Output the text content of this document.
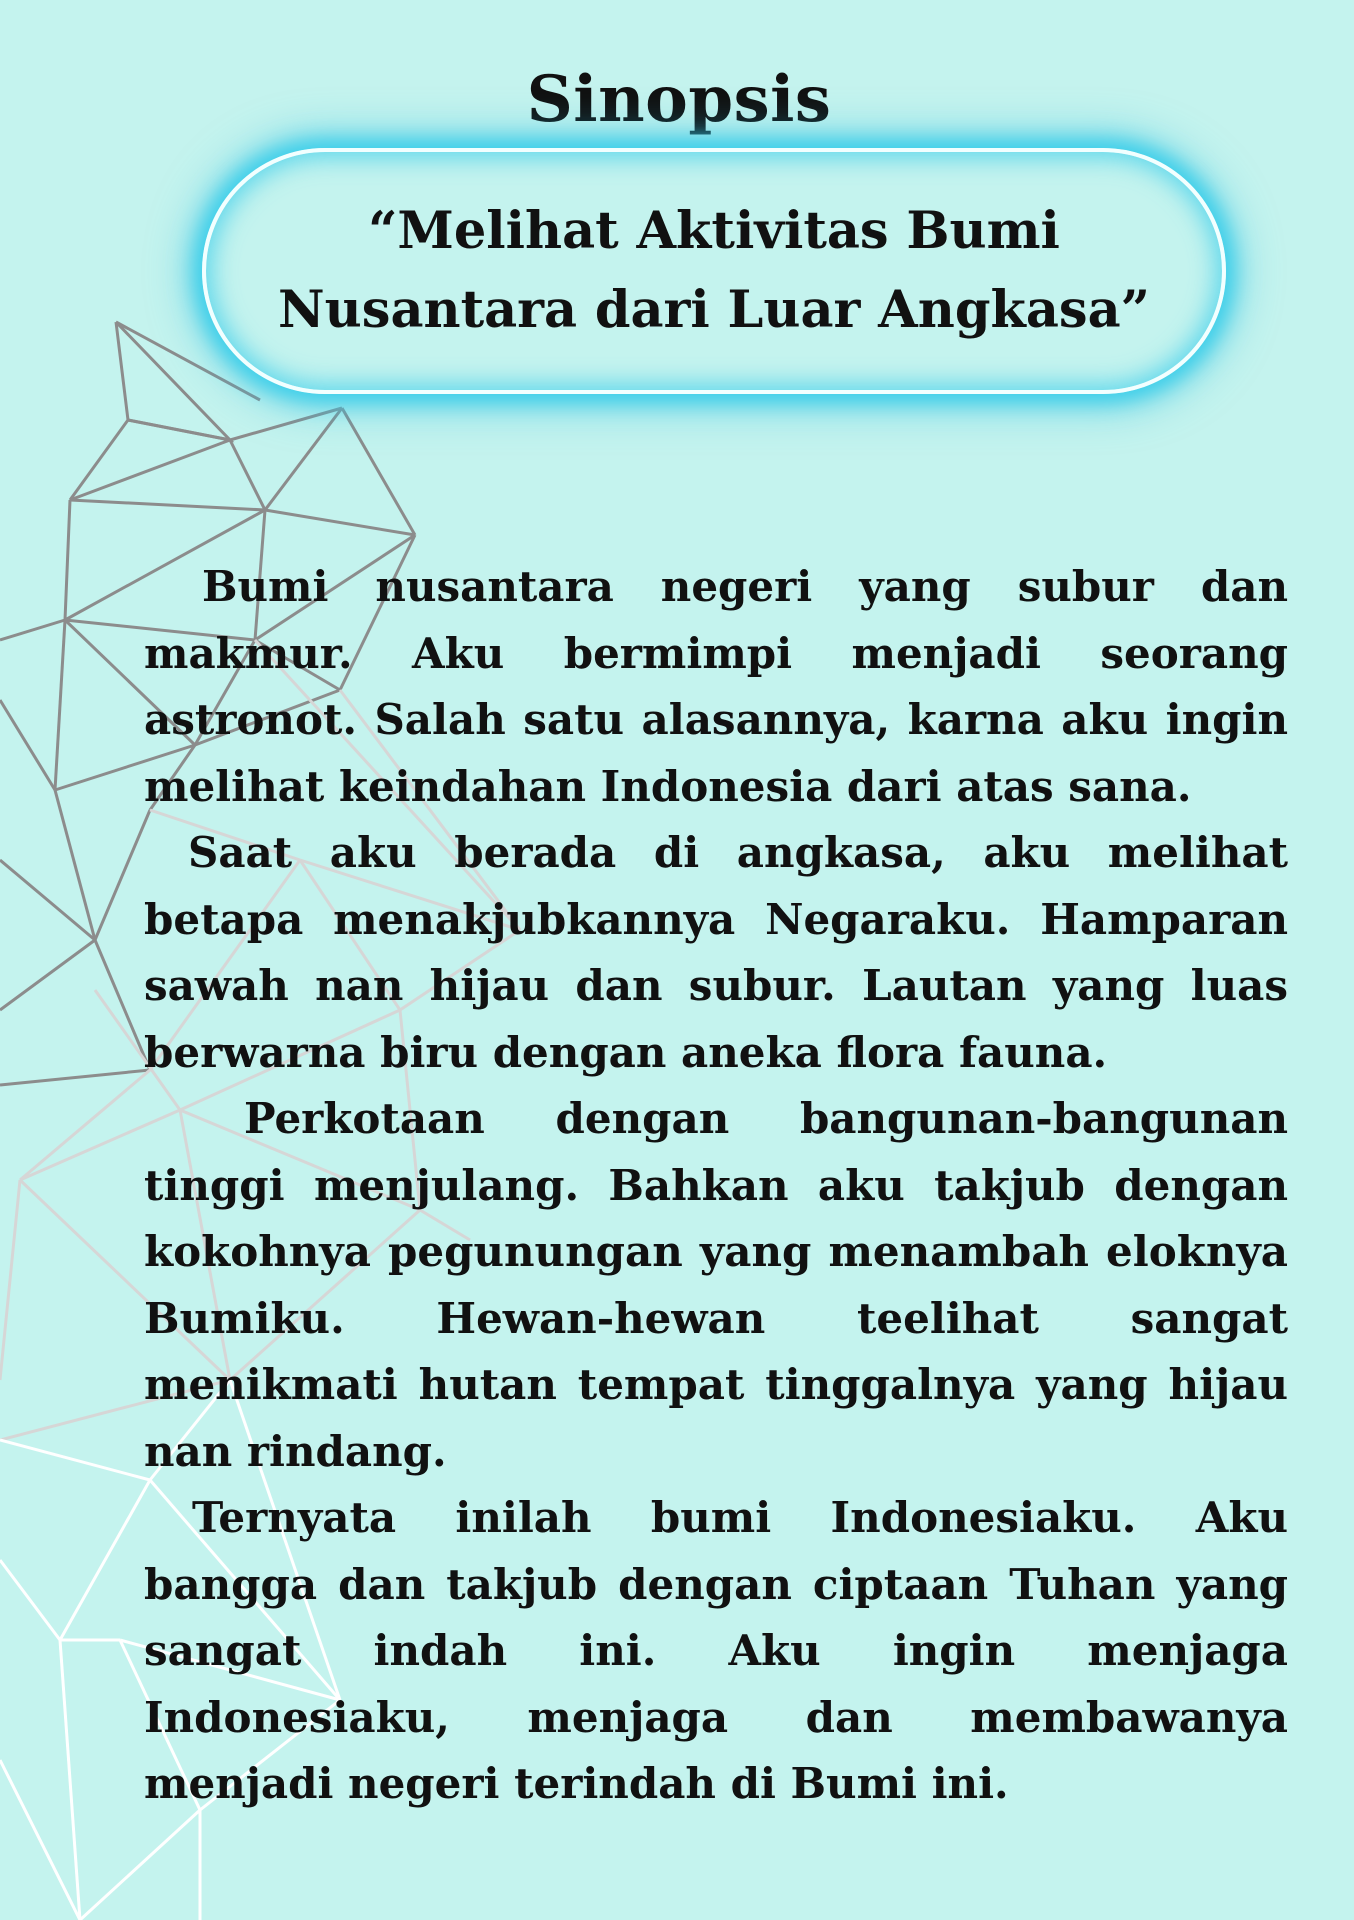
Sinopsis
“Melihat Aktivitas Bumi
Nusantara dari Luar Angkasa”

Bumi nusantara negeri yang subur dan makmur. Aku bermimpi menjadi seorang astronot. Salah satu alasannya, karna aku ingin melihat keindahan Indonesia dari atas sana.

Saat aku berada di angkasa, aku melihat betapa menakjubkannya Negaraku. Hamparan sawah nan hijau dan subur. Lautan yang luas berwarna biru dengan aneka flora fauna.

Perkotaan dengan bangunan-bangunan tinggi menjulang. Bahkan aku takjub dengan kokohnya pegunungan yang menambah eloknya Bumiku. Hewan-hewan teelihat sangat menikmati hutan tempat tinggalnya yang hijau nan rindang.

Ternyata inilah bumi Indonesiaku. Aku bangga dan takjub dengan ciptaan Tuhan yang sangat indah ini. Aku ingin menjaga Indonesiaku, menjaga dan membawanya menjadi negeri terindah di Bumi ini.
